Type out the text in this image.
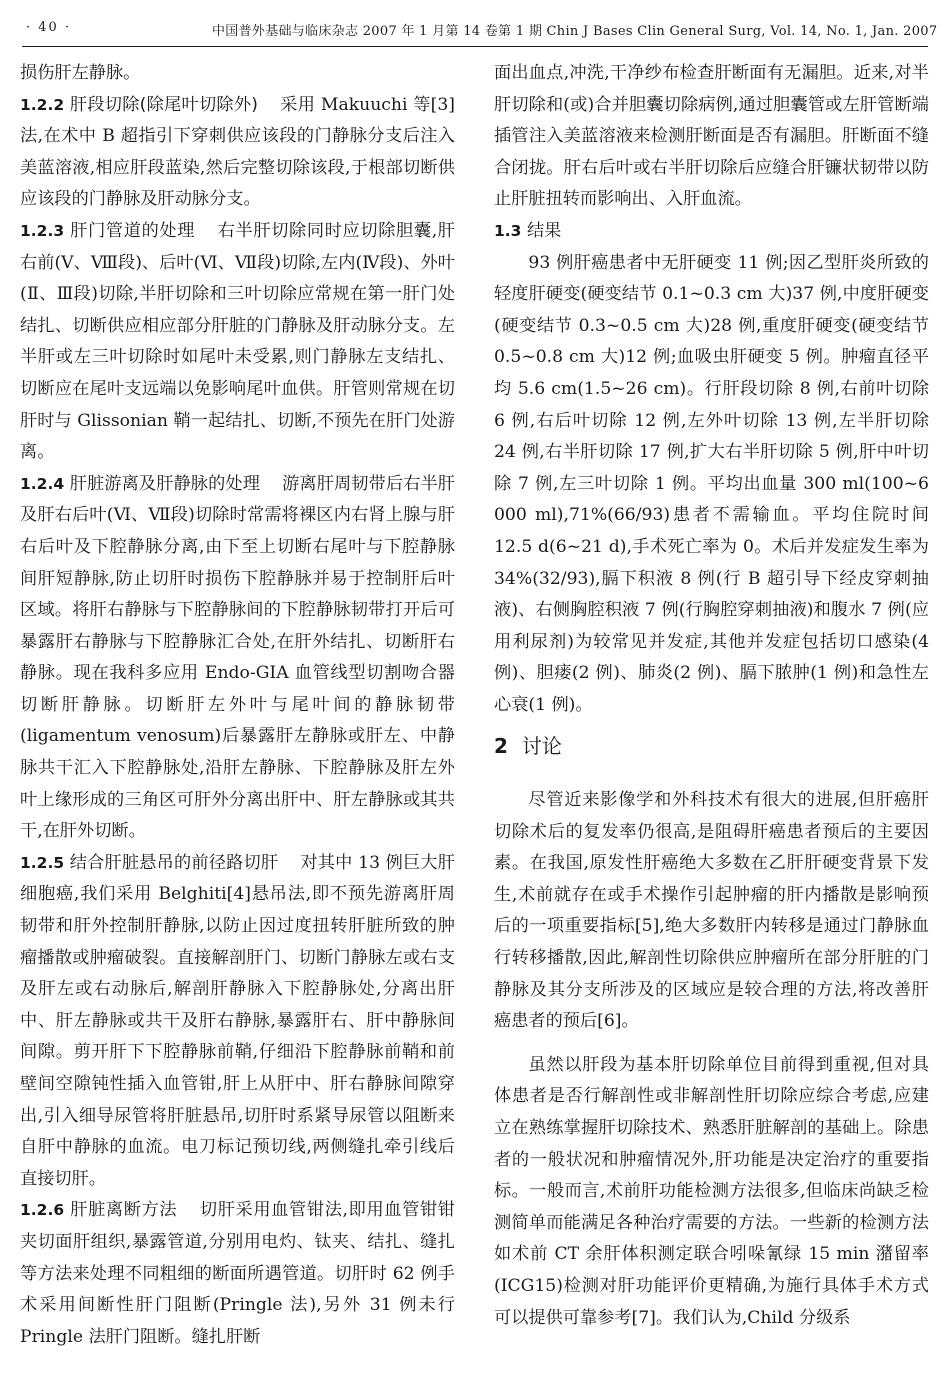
· 40 ·	中国普外基础与临床杂志 2007 年 1 月第 14 卷第 1 期 Chin J Bases Clin General Surg, Vol. 14, No. 1, Jan. 2007

损伤肝左静脉。

1.2.2 肝段切除(除尾叶切除外) 采用 Makuuchi 等[3]法,在术中 B 超指引下穿刺供应该段的门静脉分支后注入美蓝溶液,相应肝段蓝染,然后完整切除该段,于根部切断供应该段的门静脉及肝动脉分支。

1.2.3 肝门管道的处理 右半肝切除同时应切除胆囊,肝右前(Ⅴ、Ⅷ段)、后叶(Ⅵ、Ⅶ段)切除,左内(Ⅳ段)、外叶(Ⅱ、Ⅲ段)切除,半肝切除和三叶切除应常规在第一肝门处结扎、切断供应相应部分肝脏的门静脉及肝动脉分支。左半肝或左三叶切除时如尾叶未受累,则门静脉左支结扎、切断应在尾叶支远端以免影响尾叶血供。肝管则常规在切肝时与 Glissonian 鞘一起结扎、切断,不预先在肝门处游离。

1.2.4 肝脏游离及肝静脉的处理 游离肝周韧带后右半肝及肝右后叶(Ⅵ、Ⅶ段)切除时常需将裸区内右肾上腺与肝右后叶及下腔静脉分离,由下至上切断右尾叶与下腔静脉间肝短静脉,防止切肝时损伤下腔静脉并易于控制肝后叶区域。将肝右静脉与下腔静脉间的下腔静脉韧带打开后可暴露肝右静脉与下腔静脉汇合处,在肝外结扎、切断肝右静脉。现在我科多应用 Endo-GIA 血管线型切割吻合器切断肝静脉。切断肝左外叶与尾叶间的静脉韧带(ligamentum venosum)后暴露肝左静脉或肝左、中静脉共干汇入下腔静脉处,沿肝左静脉、下腔静脉及肝左外叶上缘形成的三角区可肝外分离出肝中、肝左静脉或其共干,在肝外切断。

1.2.5 结合肝脏悬吊的前径路切肝 对其中 13 例巨大肝细胞癌,我们采用 Belghiti[4]悬吊法,即不预先游离肝周韧带和肝外控制肝静脉,以防止因过度扭转肝脏所致的肿瘤播散或肿瘤破裂。直接解剖肝门、切断门静脉左或右支及肝左或右动脉后,解剖肝静脉入下腔静脉处,分离出肝中、肝左静脉或共干及肝右静脉,暴露肝右、肝中静脉间间隙。剪开肝下下腔静脉前鞘,仔细沿下腔静脉前鞘和前壁间空隙钝性插入血管钳,肝上从肝中、肝右静脉间隙穿出,引入细导尿管将肝脏悬吊,切肝时系紧导尿管以阻断来自肝中静脉的血流。电刀标记预切线,两侧缝扎牵引线后直接切肝。

1.2.6 肝脏离断方法 切肝采用血管钳法,即用血管钳钳夹切面肝组织,暴露管道,分别用电灼、钛夹、结扎、缝扎等方法来处理不同粗细的断面所遇管道。切肝时 62 例手术采用间断性肝门阻断(Pringle 法),另外 31 例未行 Pringle 法肝门阻断。缝扎肝断

面出血点,冲洗,干净纱布检查肝断面有无漏胆。近来,对半肝切除和(或)合并胆囊切除病例,通过胆囊管或左肝管断端插管注入美蓝溶液来检测肝断面是否有漏胆。肝断面不缝合闭拢。肝右后叶或右半肝切除后应缝合肝镰状韧带以防止肝脏扭转而影响出、入肝血流。

1.3 结果

93 例肝癌患者中无肝硬变 11 例;因乙型肝炎所致的轻度肝硬变(硬变结节 0.1~0.3 cm 大)37 例,中度肝硬变(硬变结节 0.3~0.5 cm 大)28 例,重度肝硬变(硬变结节 0.5~0.8 cm 大)12 例;血吸虫肝硬变 5 例。肿瘤直径平均 5.6 cm(1.5~26 cm)。行肝段切除 8 例,右前叶切除 6 例,右后叶切除 12 例,左外叶切除 13 例,左半肝切除 24 例,右半肝切除 17 例,扩大右半肝切除 5 例,肝中叶切除 7 例,左三叶切除 1 例。平均出血量 300 ml(100~6 000 ml),71%(66/93)患者不需输血。平均住院时间 12.5 d(6~21 d),手术死亡率为 0。术后并发症发生率为 34%(32/93),膈下积液 8 例(行 B 超引导下经皮穿刺抽液)、右侧胸腔积液 7 例(行胸腔穿刺抽液)和腹水 7 例(应用利尿剂)为较常见并发症,其他并发症包括切口感染(4 例)、胆瘘(2 例)、肺炎(2 例)、膈下脓肿(1 例)和急性左心衰(1 例)。

2 讨论

尽管近来影像学和外科技术有很大的进展,但肝癌肝切除术后的复发率仍很高,是阻碍肝癌患者预后的主要因素。在我国,原发性肝癌绝大多数在乙肝肝硬变背景下发生,术前就存在或手术操作引起肿瘤的肝内播散是影响预后的一项重要指标[5],绝大多数肝内转移是通过门静脉血行转移播散,因此,解剖性切除供应肿瘤所在部分肝脏的门静脉及其分支所涉及的区域应是较合理的方法,将改善肝癌患者的预后[6]。

虽然以肝段为基本肝切除单位目前得到重视,但对具体患者是否行解剖性或非解剖性肝切除应综合考虑,应建立在熟练掌握肝切除技术、熟悉肝脏解剖的基础上。除患者的一般状况和肿瘤情况外,肝功能是决定治疗的重要指标。一般而言,术前肝功能检测方法很多,但临床尚缺乏检测简单而能满足各种治疗需要的方法。一些新的检测方法如术前 CT 余肝体积测定联合吲哚氰绿 15 min 潴留率(ICG15)检测对肝功能评价更精确,为施行具体手术方式可以提供可靠参考[7]。我们认为,Child 分级系
